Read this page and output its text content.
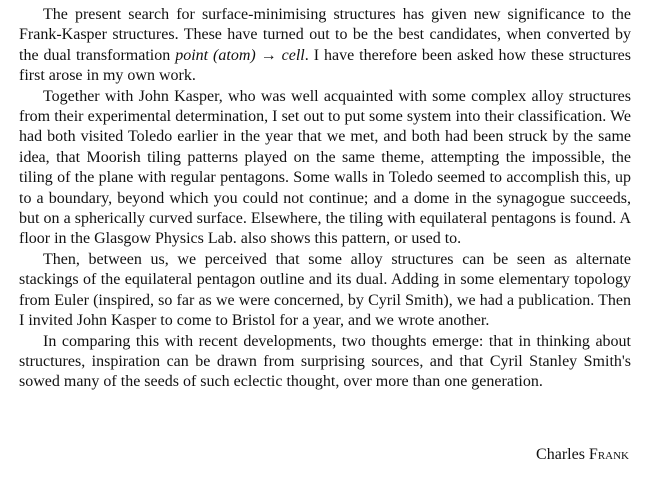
The present search for surface-minimising structures has given new significance to the Frank-Kasper structures. These have turned out to be the best candidates, when converted by the dual transformation point (atom) → cell. I have therefore been asked how these structures first arose in my own work.

Together with John Kasper, who was well acquainted with some complex alloy structures from their experimental determination, I set out to put some system into their classification. We had both visited Toledo earlier in the year that we met, and both had been struck by the same idea, that Moorish tiling patterns played on the same theme, attempting the impossible, the tiling of the plane with regular pentagons. Some walls in Toledo seemed to accomplish this, up to a boundary, beyond which you could not continue; and a dome in the synagogue succeeds, but on a spherically curved surface. Elsewhere, the tiling with equilateral pentagons is found. A floor in the Glasgow Physics Lab. also shows this pattern, or used to.

Then, between us, we perceived that some alloy structures can be seen as alternate stackings of the equilateral pentagon outline and its dual. Adding in some elementary topology from Euler (inspired, so far as we were concerned, by Cyril Smith), we had a publication. Then I invited John Kasper to come to Bristol for a year, and we wrote another.

In comparing this with recent developments, two thoughts emerge: that in thinking about structures, inspiration can be drawn from surprising sources, and that Cyril Stanley Smith's sowed many of the seeds of such eclectic thought, over more than one generation.

Charles Frank
